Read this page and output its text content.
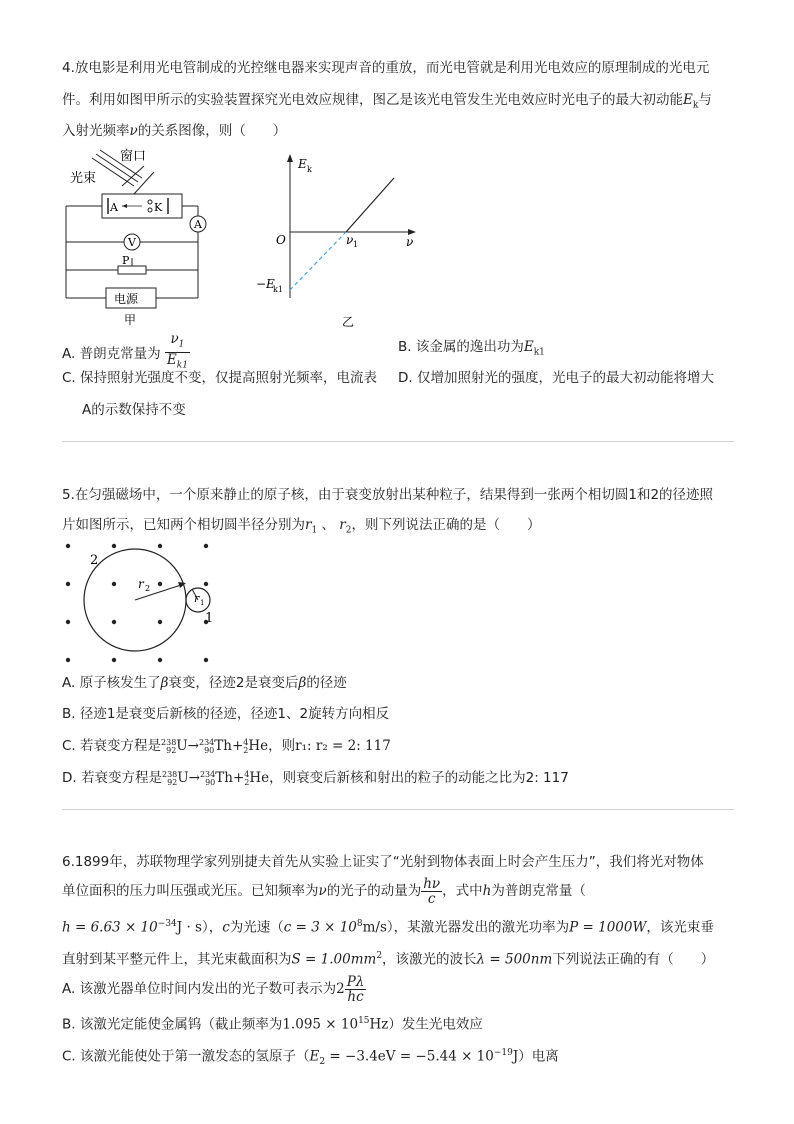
4.放电影是利用光电管制成的光控继电器来实现声音的重放，而光电管就是利用光电效应的原理制成的光电元
件。利用如图甲所示的实验装置探究光电效应规律，图乙是该光电管发生光电效应时光电子的最大初动能$E_k$与
入射光频率ν的关系图像，则（　　）
窗口
光束
A	K
A
V
P
电源
甲
E k
O	ν 1	ν
−E
k1
乙
A. 普朗克常量为 $\frac{\nu_1}{E_{k1}}$	B. 该金属的逸出功为$E_{k1}$
C. 保持照射光强度不变，仅提高照射光频率，电流表
A的示数保持不变
D. 仅增加照射光的强度，光电子的最大初动能将增大
5.在匀强磁场中，一个原来静止的原子核，由于衰变放射出某种粒子，结果得到一张两个相切圆1和2的径迹照
片如图所示，已知两个相切圆半径分别为$r_1$ 、 $r_2$，则下列说法正确的是（　　）
2
1
r 2
r 1
A. 原子核发生了β衰变，径迹2是衰变后β的径迹
B. 径迹1是衰变后新核的径迹，径迹1、2旋转方向相反
C. 若衰变方程是238
92U→234
90Th+4
2He，则r₁: r₂ = 2: 117
D. 若衰变方程是238
92U→234
90Th+4
2He，则衰变后新核和射出的粒子的动能之比为2: 117
6.1899年，苏联物理学家列别捷夫首先从实验上证实了“光射到物体表面上时会产生压力”，我们将光对物体
单位面积的压力叫压强或光压。已知频率为ν的光子的动量为 $\frac{h\nu}{c}$ ，式中h为普朗克常量（
$h = 6.63 \times 10^{-34}J \cdot s$），c为光速$(c = 3 \times 10^8m/s)$，某激光器发出的激光功率为P = 1000W，该光束垂
直射到某平整元件上，其光束截面积为$S = 1.00mm^2$，该激光的波长λ = 500nm下列说法正确的有（　　）
A. 该激光器单位时间内发出的光子数可表示为$2 \frac{P\lambda}{hc}$
B. 该激光定能使金属钨（截止频率为$1.095 \times 10^{15}Hz$）发生光电效应
C. 该激光能使处于第一激发态的氢原子$(E_2 = -3.4eV = -5.44 \times 10^{-19}J)$电离
